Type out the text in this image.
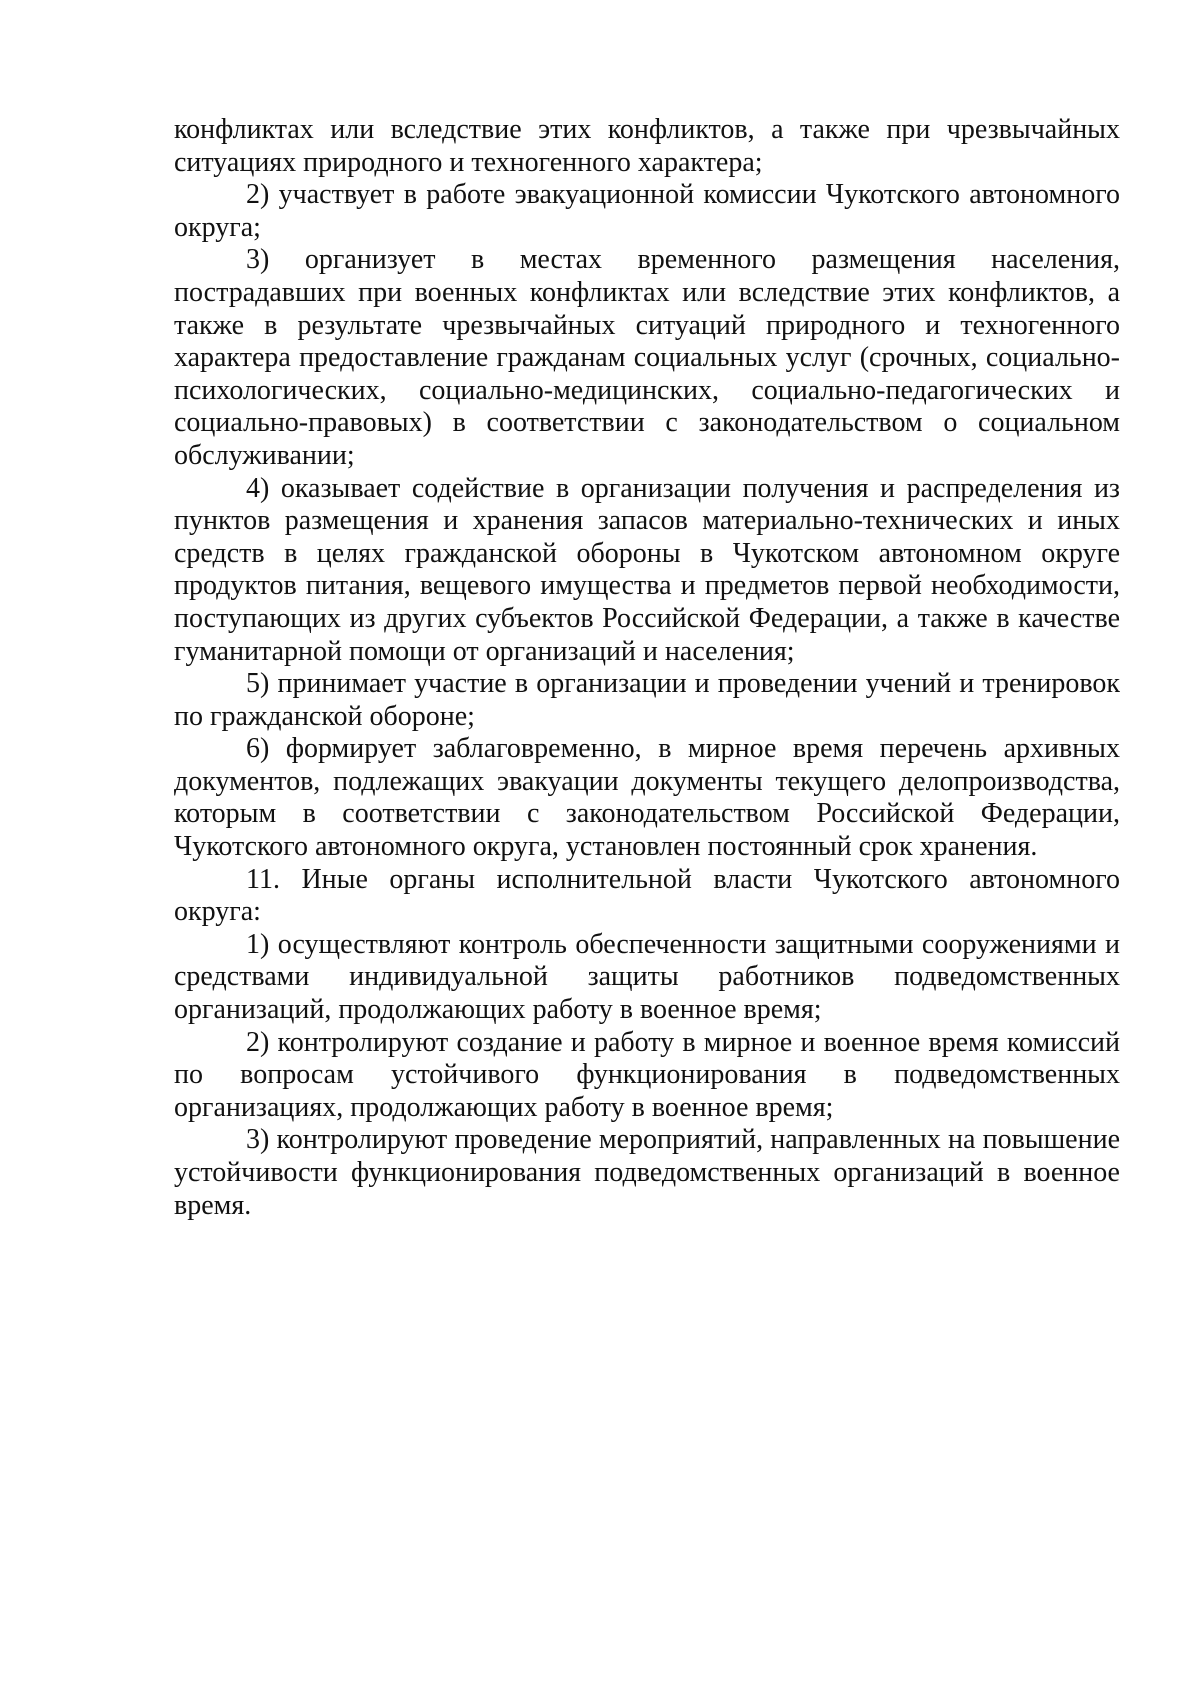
конфликтах или вследствие этих конфликтов, а также при чрезвычайных ситуациях природного и техногенного характера;

2) участвует в работе эвакуационной комиссии Чукотского автономного округа;

3) организует в местах временного размещения населения, пострадавших при военных конфликтах или вследствие этих конфликтов, а также в результате чрезвычайных ситуаций природного и техногенного характера предоставление гражданам социальных услуг (срочных, социально-психологических, социально-медицинских, социально-педагогических и социально-правовых) в соответствии с законодательством о социальном обслуживании;

4) оказывает содействие в организации получения и распределения из пунктов размещения и хранения запасов материально-технических и иных средств в целях гражданской обороны в Чукотском автономном округе продуктов питания, вещевого имущества и предметов первой необходимости, поступающих из других субъектов Российской Федерации, а также в качестве гуманитарной помощи от организаций и населения;

5) принимает участие в организации и проведении учений и тренировок по гражданской обороне;

6) формирует заблаговременно, в мирное время перечень архивных документов, подлежащих эвакуации документы текущего делопроизводства, которым в соответствии с законодательством Российской Федерации, Чукотского автономного округа, установлен постоянный срок хранения.

11. Иные органы исполнительной власти Чукотского автономного округа:

1) осуществляют контроль обеспеченности защитными сооружениями и средствами индивидуальной защиты работников подведомственных организаций, продолжающих работу в военное время;

2) контролируют создание и работу в мирное и военное время комиссий по вопросам устойчивого функционирования в подведомственных организациях, продолжающих работу в военное время;

3) контролируют проведение мероприятий, направленных на повышение устойчивости функционирования подведомственных организаций в военное время.
